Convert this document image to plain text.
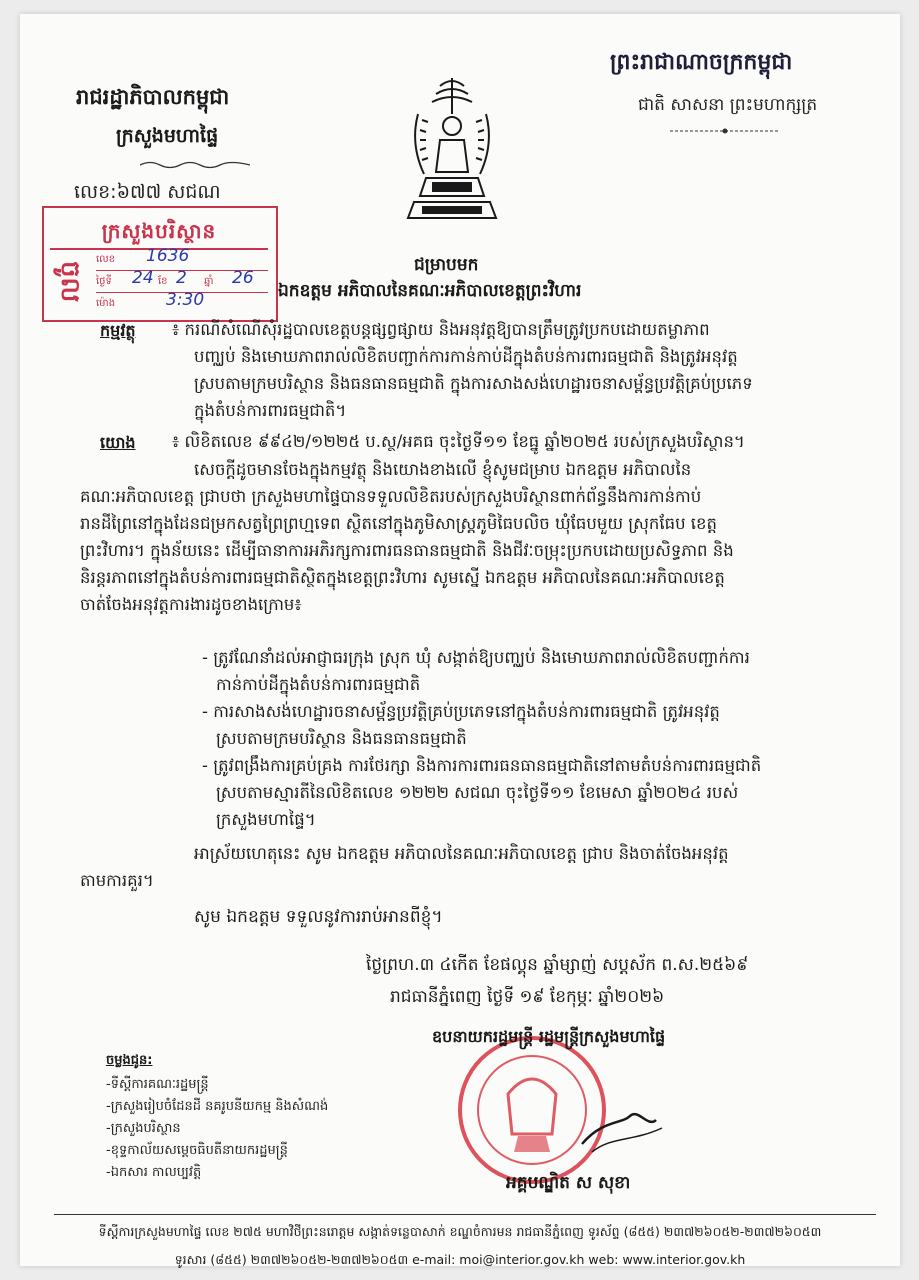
ព្រះរាជាណាចក្រកម្ពុជា
ជាតិ សាសនា ព្រះមហាក្សត្រ
រាជរដ្ឋាភិបាលកម្ពុជា
ក្រសួងមហាផ្ទៃ
លេខ:៦៧៧ សជណ
ក្រសួងបរិស្ថាន
ចូល
លេខ 1636
ថ្ងៃទី 24 ខែ 2 ឆ្នាំ 26
ម៉ោង	3:30
ជម្រាបមក
ឯកឧត្តម អភិបាលនៃគណៈអភិបាលខេត្តព្រះវិហារ
កម្មវត្ថុ ៖ ករណីសំណើសុំរដ្ឋបាលខេត្តបន្តផ្សព្វផ្សាយ និងអនុវត្តឱ្យបានត្រឹមត្រូវប្រកបដោយតម្លាភាព
បញ្ឈប់ និងមោឃភាពរាល់លិខិតបញ្ជាក់ការកាន់កាប់ដីក្នុងតំបន់ការពារធម្មជាតិ និងត្រូវអនុវត្ត
ស្របតាមក្រមបរិស្ថាន និងធនធានធម្មជាតិ ក្នុងការសាងសង់ហេដ្ឋារចនាសម្ព័ន្ធប្រវត្តិគ្រប់ប្រភេទ
ក្នុងតំបន់ការពារធម្មជាតិ។
យោង ៖ លិខិតលេខ ៩៩៤២/១២២៥ ប.ស្ថ/អគធ ចុះថ្ងៃទី១១ ខែធ្នូ ឆ្នាំ២០២៥ របស់ក្រសួងបរិស្ថាន។
សេចក្ដីដូចមានចែងក្នុងកម្មវត្ថុ និងយោងខាងលើ ខ្ញុំសូមជម្រាប ឯកឧត្តម អភិបាលនៃ
គណៈអភិបាលខេត្ត ជ្រាបថា ក្រសួងមហាផ្ទៃបានទទួលលិខិតរបស់ក្រសួងបរិស្ថានពាក់ព័ន្ធនឹងការកាន់កាប់
រានដីព្រៃនៅក្នុងដែនជម្រកសត្វព្រៃព្រហ្មទេព ស្ថិតនៅក្នុងភូមិសាស្រ្តភូមិធៃបលិច ឃុំធែបមួយ ស្រុកធែប ខេត្ត
ព្រះវិហារ។ ក្នុងន័យនេះ ដើម្បីធានាការអភិរក្សការពារធនធានធម្មជាតិ និងជីវៈចម្រុះប្រកបដោយប្រសិទ្ធភាព និង
និរន្តរភាពនៅក្នុងតំបន់ការពារធម្មជាតិស្ថិតក្នុងខេត្តព្រះវិហារ សូមស្នើ ឯកឧត្តម អភិបាលនៃគណៈអភិបាលខេត្ត
ចាត់ចែងអនុវត្តការងារដូចខាងក្រោម៖
- ត្រូវណែនាំដល់អាជ្ញាធរក្រុង ស្រុក ឃុំ សង្កាត់ឱ្យបញ្ឈប់ និងមោឃភាពរាល់លិខិតបញ្ជាក់ការ
កាន់កាប់ដីក្នុងតំបន់ការពារធម្មជាតិ
- ការសាងសង់ហេដ្ឋារចនាសម្ព័ន្ធប្រវត្តិគ្រប់ប្រភេទនៅក្នុងតំបន់ការពារធម្មជាតិ ត្រូវអនុវត្ត
ស្របតាមក្រមបរិស្ថាន និងធនធានធម្មជាតិ
- ត្រូវពង្រឹងការគ្រប់គ្រង ការថែរក្សា និងការការពារធនធានធម្មជាតិនៅតាមតំបន់ការពារធម្មជាតិ
ស្របតាមស្មារតីនៃលិខិតលេខ ១២២២ សជណ ចុះថ្ងៃទី១១ ខែមេសា ឆ្នាំ២០២៤ របស់
ក្រសួងមហាផ្ទៃ។
អាស្រ័យហេតុនេះ សូម ឯកឧត្តម អភិបាលនៃគណៈអភិបាលខេត្ត ជ្រាប និងចាត់ចែងអនុវត្ត
តាមការគួរ។
សូម ឯកឧត្តម ទទួលនូវការរាប់អានពីខ្ញុំ។
ថ្ងៃព្រហ.៣ ៤កើត ខែផល្គុន ឆ្នាំម្សាញ់ សប្តស័ក ព.ស.២៥៦៩
រាជធានីភ្នំពេញ ថ្ងៃទី ១៩ ខែកុម្ភៈ ឆ្នាំ២០២៦
ឧបនាយករដ្ឋមន្ត្រី រដ្ឋមន្ត្រីក្រសួងមហាផ្ទៃ
អគ្គបណ្ឌិត ស សុខា
ចម្លងជូន:
-ទីស្តីការគណៈរដ្ឋមន្ត្រី
-ក្រសួងរៀបចំដែនដី នគរូបនីយកម្ម និងសំណង់
-ក្រសួងបរិស្ថាន
-ខុទ្ទកាល័យសម្តេចធិបតីនាយករដ្ឋមន្ត្រី
-ឯកសារ កាលប្បវត្តិ
ទីស្តីការក្រសួងមហាផ្ទៃ លេខ ២៧៥ មហាវិថីព្រះនរោត្តម សង្កាត់ទន្លេបាសាក់ ខណ្ឌចំការមន រាជធានីភ្នំពេញ ទូរស័ព្ទ (៨៥៥) ២៣៧២៦០៥២-២៣៧២៦០៥៣
ទូរសារ (៨៥៥) ២៣៧២៦០៥២-២៣៧២៦០៥៣ e-mail: moi@interior.gov.kh web: www.interior.gov.kh
